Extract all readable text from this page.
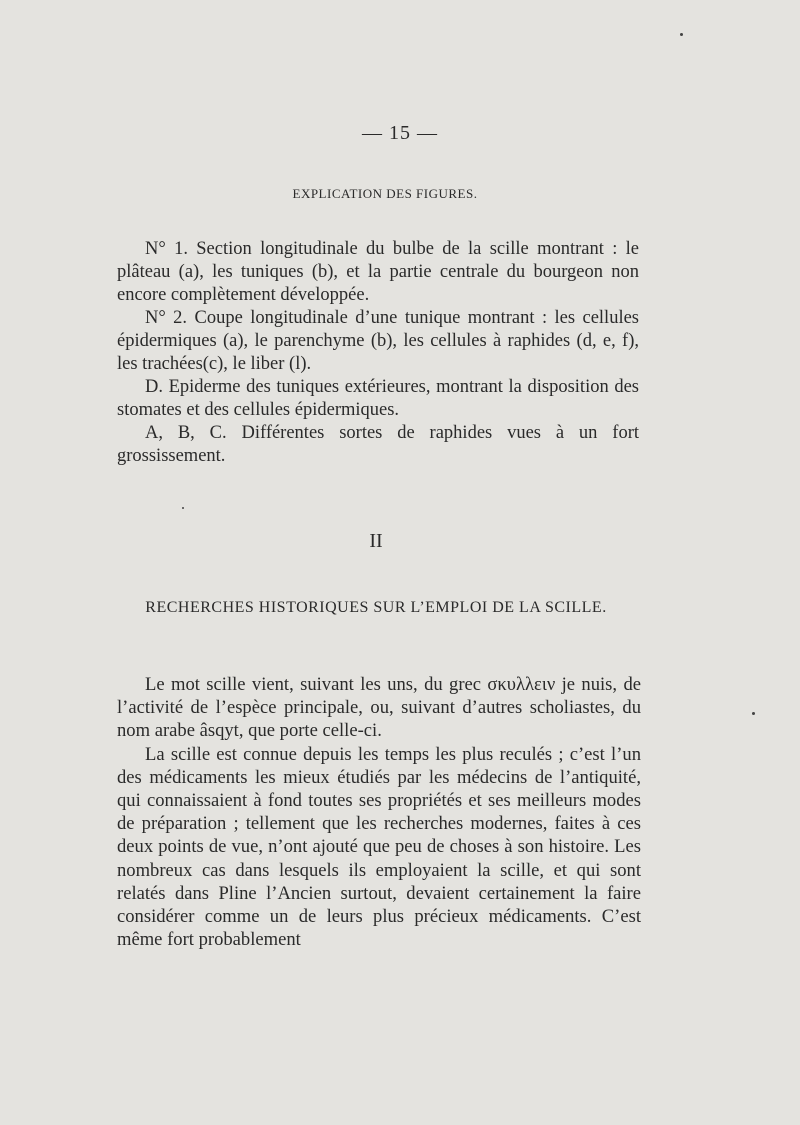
— 15 —
EXPLICATION DES FIGURES.

N° 1. Section longitudinale du bulbe de la scille montrant : le plâteau (a), les tuniques (b), et la partie centrale du bourgeon non encore complètement développée.

N° 2. Coupe longitudinale d’une tunique montrant : les cellules épidermiques (a), le parenchyme (b), les cellules à raphides (d, e, f), les trachées(c), le liber (l).

D. Epiderme des tuniques extérieures, montrant la disposition des stomates et des cellules épidermiques.

A, B, C. Différentes sortes de raphides vues à un fort grossissement.

II
RECHERCHES HISTORIQUES SUR L’EMPLOI DE LA SCILLE.

Le mot scille vient, suivant les uns, du grec σκυλλειν je nuis, de l’activité de l’espèce principale, ou, suivant d’autres scholiastes, du nom arabe âsqyt, que porte celle-ci.

La scille est connue depuis les temps les plus reculés ; c’est l’un des médicaments les mieux étudiés par les médecins de l’antiquité, qui connaissaient à fond toutes ses propriétés et ses meilleurs modes de préparation ; tellement que les recherches modernes, faites à ces deux points de vue, n’ont ajouté que peu de choses à son histoire. Les nombreux cas dans lesquels ils employaient la scille, et qui sont relatés dans Pline l’Ancien surtout, devaient certainement la faire considérer comme un de leurs plus précieux médicaments. C’est même fort probablement
